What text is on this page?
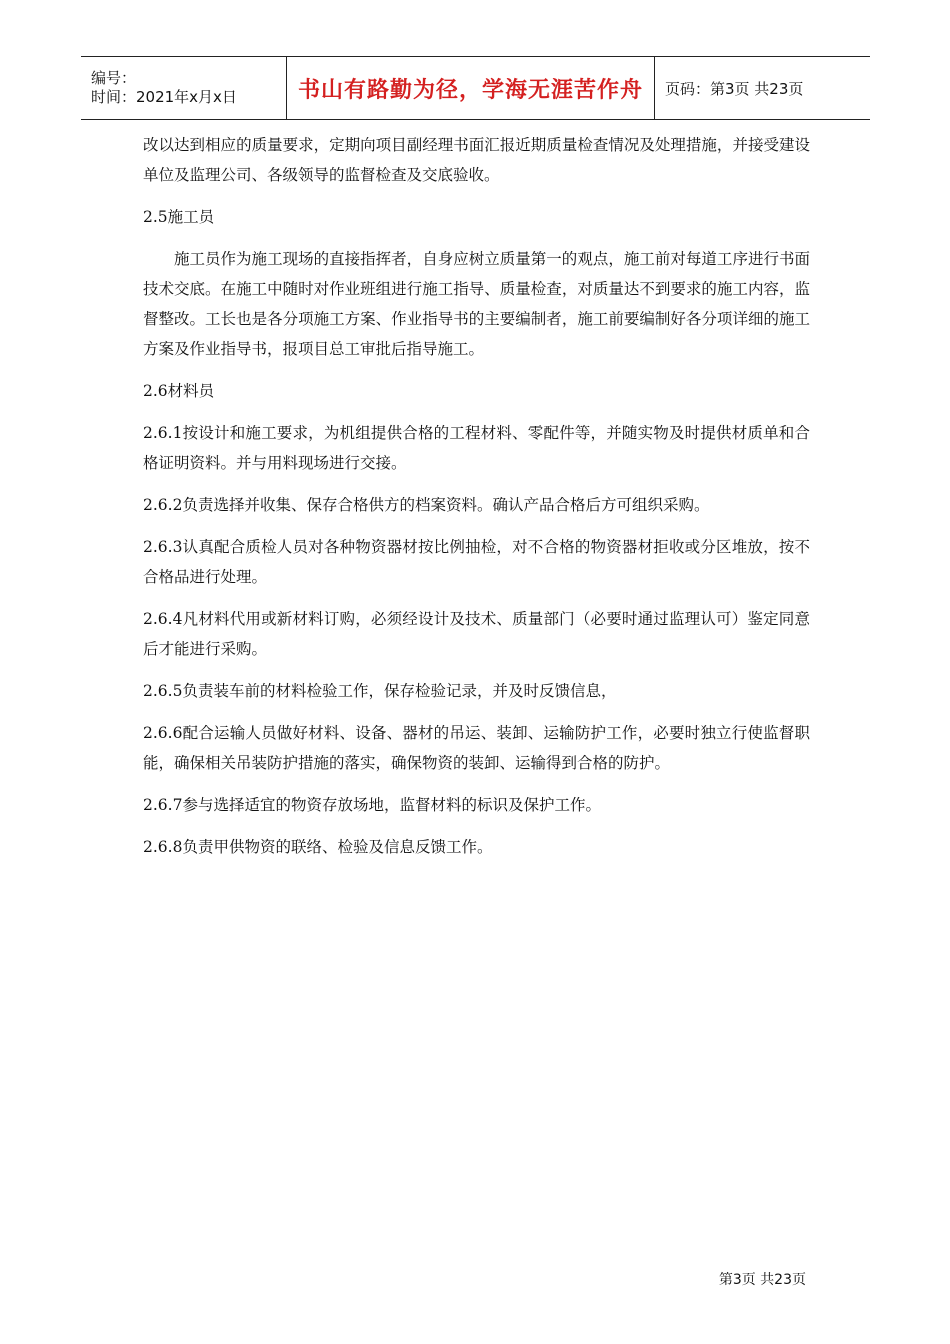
编号：
时间：2021年x月x日	书山有路勤为径，学海无涯苦作舟	页码：第3页 共23页

改以达到相应的质量要求，定期向项目副经理书面汇报近期质量检查情况及处理措施，并接受建设单位及监理公司、各级领导的监督检查及交底验收。

2.5施工员

施工员作为施工现场的直接指挥者，自身应树立质量第一的观点，施工前对每道工序进行书面技术交底。在施工中随时对作业班组进行施工指导、质量检查，对质量达不到要求的施工内容，监督整改。工长也是各分项施工方案、作业指导书的主要编制者，施工前要编制好各分项详细的施工方案及作业指导书，报项目总工审批后指导施工。

2.6材料员

2.6.1按设计和施工要求，为机组提供合格的工程材料、零配件等，并随实物及时提供材质单和合格证明资料。并与用料现场进行交接。

2.6.2负责选择并收集、保存合格供方的档案资料。确认产品合格后方可组织采购。

2.6.3认真配合质检人员对各种物资器材按比例抽检，对不合格的物资器材拒收或分区堆放，按不合格品进行处理。

2.6.4凡材料代用或新材料订购，必须经设计及技术、质量部门（必要时通过监理认可）鉴定同意后才能进行采购。

2.6.5负责装车前的材料检验工作，保存检验记录，并及时反馈信息，

2.6.6配合运输人员做好材料、设备、器材的吊运、装卸、运输防护工作，必要时独立行使监督职能，确保相关吊装防护措施的落实，确保物资的装卸、运输得到合格的防护。

2.6.7参与选择适宜的物资存放场地，监督材料的标识及保护工作。

2.6.8负责甲供物资的联络、检验及信息反馈工作。

第3页 共23页
